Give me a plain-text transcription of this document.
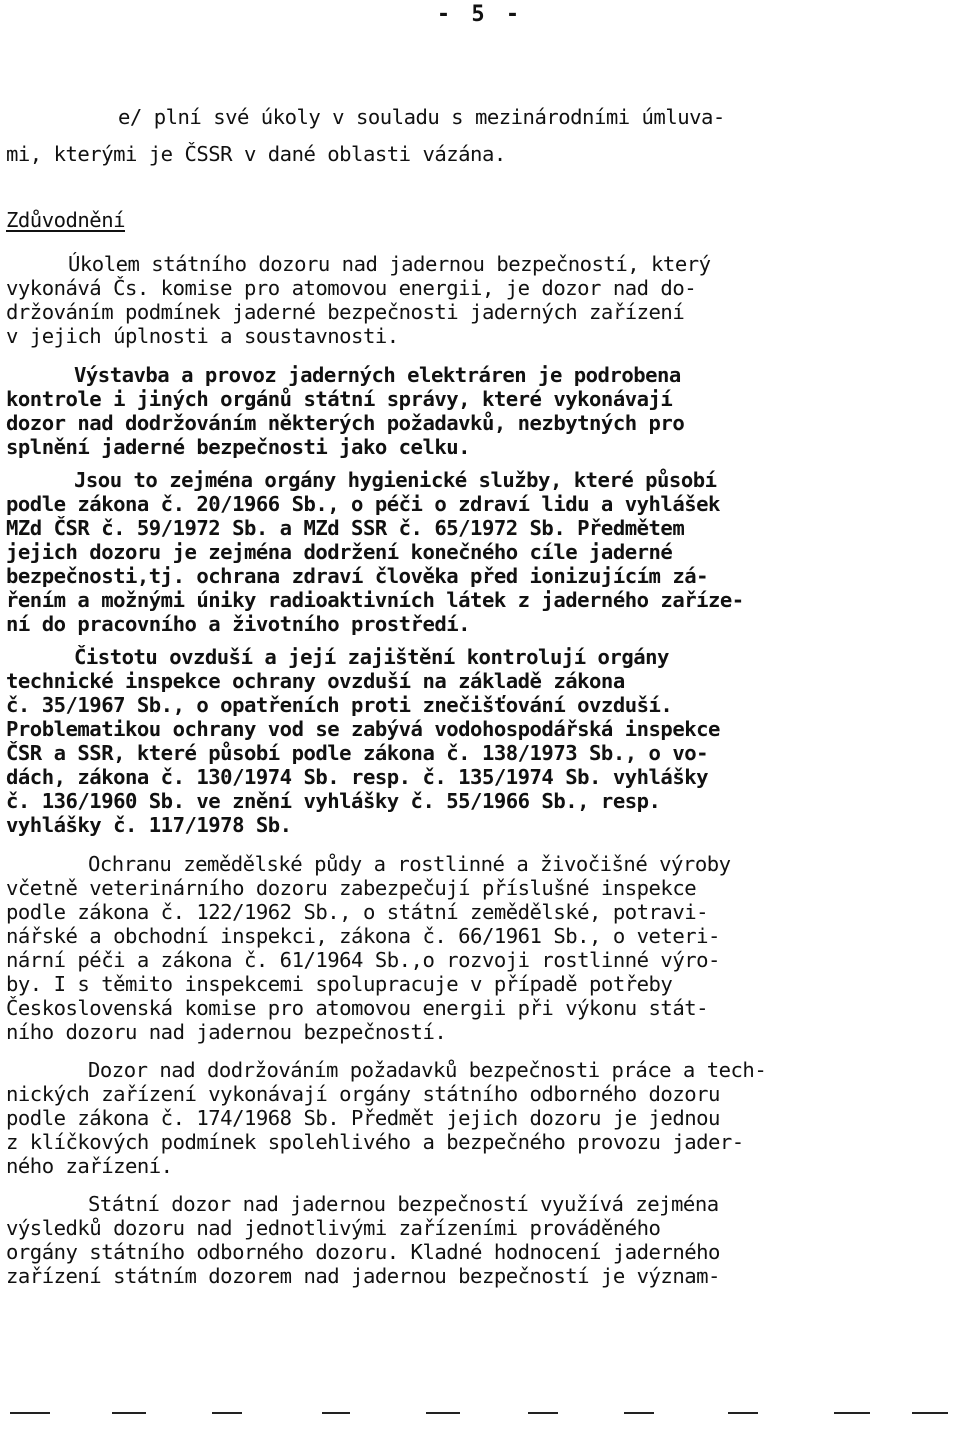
- 5 -
e/ plní své úkoly v souladu s mezinárodními úmluva-
mi, kterými je ČSSR v dané oblasti vázána.
Zdůvodnění
Úkolem státního dozoru nad jadernou bezpečností, který
vykonává Čs. komise pro atomovou energii, je dozor nad do-
držováním podmínek jaderné bezpečnosti jaderných zařízení
v jejich úplnosti a soustavnosti.
Výstavba a provoz jaderných elektráren je podrobena
kontrole i jiných orgánů státní správy, které vykonávají
dozor nad dodržováním některých požadavků, nezbytných pro
splnění jaderné bezpečnosti jako celku.
Jsou to zejména orgány hygienické služby, které působí
podle zákona č. 20/1966 Sb., o péči o zdraví lidu a vyhlášek
MZd ČSR č. 59/1972 Sb. a MZd SSR č. 65/1972 Sb. Předmětem
jejich dozoru je zejména dodržení konečného cíle jaderné
bezpečnosti,tj. ochrana zdraví člověka před ionizujícím zá-
řením a možnými úniky radioaktivních látek z jaderného zaříze-
ní do pracovního a životního prostředí.
Čistotu ovzduší a její zajištění kontrolují orgány
technické inspekce ochrany ovzduší na základě zákona
č. 35/1967 Sb., o opatřeních proti znečišťování ovzduší.
Problematikou ochrany vod se zabývá vodohospodářská inspekce
ČSR a SSR, které působí podle zákona č. 138/1973 Sb., o vo-
dách, zákona č. 130/1974 Sb. resp. č. 135/1974 Sb. vyhlášky
č. 136/1960 Sb. ve znění vyhlášky č. 55/1966 Sb., resp.
vyhlášky č. 117/1978 Sb.
Ochranu zemědělské půdy a rostlinné a živočišné výroby
včetně veterinárního dozoru zabezpečují příslušné inspekce
podle zákona č. 122/1962 Sb., o státní zemědělské, potravi-
nářské a obchodní inspekci, zákona č. 66/1961 Sb., o veteri-
nární péči a zákona č. 61/1964 Sb.,o rozvoji rostlinné výro-
by. I s těmito inspekcemi spolupracuje v případě potřeby
Československá komise pro atomovou energii při výkonu stát-
ního dozoru nad jadernou bezpečností.
Dozor nad dodržováním požadavků bezpečnosti práce a tech-
nických zařízení vykonávají orgány státního odborného dozoru
podle zákona č. 174/1968 Sb. Předmět jejich dozoru je jednou
z klíčkových podmínek spolehlivého a bezpečného provozu jader-
ného zařízení.
Státní dozor nad jadernou bezpečností využívá zejména
výsledků dozoru nad jednotlivými zařízeními prováděného
orgány státního odborného dozoru. Kladné hodnocení jaderného
zařízení státním dozorem nad jadernou bezpečností je význam-
